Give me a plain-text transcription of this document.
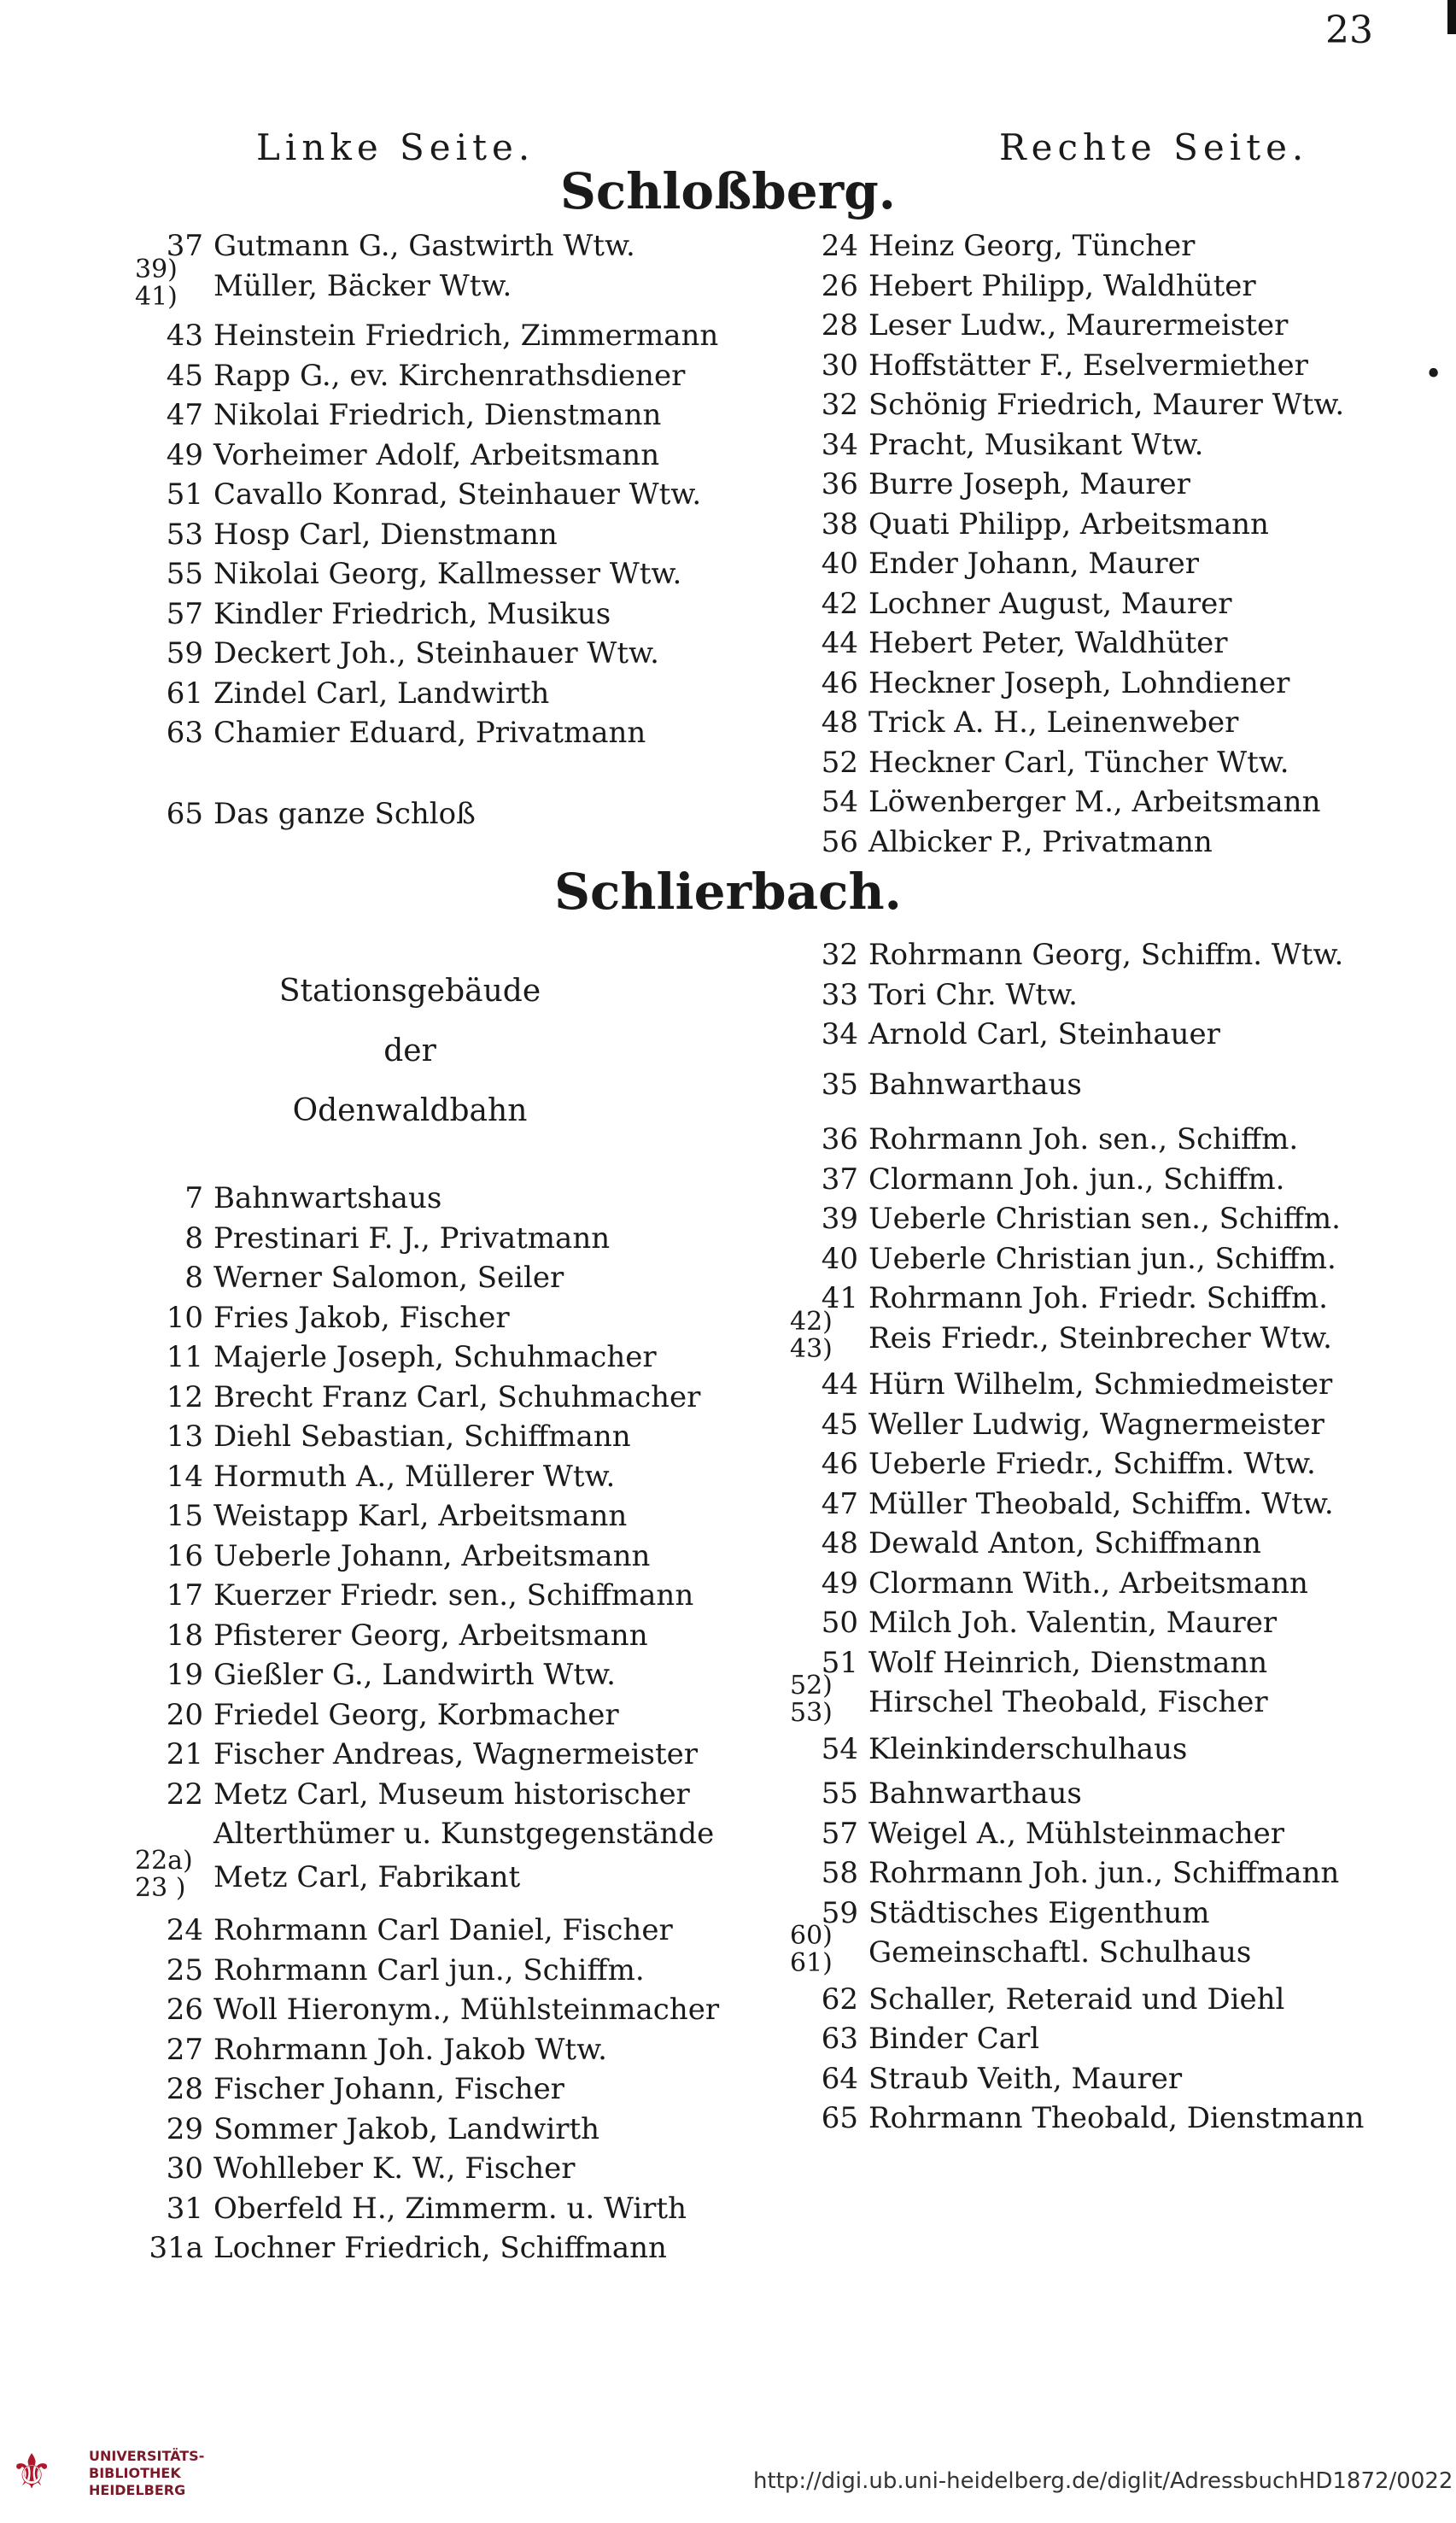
23
Linke Seite.	Rechte Seite.
Schloßberg.
Schlierbach.
37 Gutmann G., Gastwirth Wtw.
39)
41) Müller, Bäcker Wtw.
43 Heinstein Friedrich, Zimmermann
45 Rapp G., ev. Kirchenrathsdiener
47 Nikolai Friedrich, Dienstmann
49 Vorheimer Adolf, Arbeitsmann
51 Cavallo Konrad, Steinhauer Wtw.
53 Hosp Carl, Dienstmann
55 Nikolai Georg, Kallmesser Wtw.
57 Kindler Friedrich, Musikus
59 Deckert Joh., Steinhauer Wtw.
61 Zindel Carl, Landwirth
63 Chamier Eduard, Privatmann
65 Das ganze Schloß
24 Heinz Georg, Tüncher
26 Hebert Philipp, Waldhüter
28 Leser Ludw., Maurermeister
30 Hoffstätter F., Eselvermiether
32 Schönig Friedrich, Maurer Wtw.
34 Pracht, Musikant Wtw.
36 Burre Joseph, Maurer
38 Quati Philipp, Arbeitsmann
40 Ender Johann, Maurer
42 Lochner August, Maurer
44 Hebert Peter, Waldhüter
46 Heckner Joseph, Lohndiener
48 Trick A. H., Leinenweber
52 Heckner Carl, Tüncher Wtw.
54 Löwenberger M., Arbeitsmann
56 Albicker P., Privatmann
Stationsgebäude
der
Odenwaldbahn
7 Bahnwartshaus
8 Prestinari F. J., Privatmann
8 Werner Salomon, Seiler
10 Fries Jakob, Fischer
11 Majerle Joseph, Schuhmacher
12 Brecht Franz Carl, Schuhmacher
13 Diehl Sebastian, Schiffmann
14 Hormuth A., Müllerer Wtw.
15 Weistapp Karl, Arbeitsmann
16 Ueberle Johann, Arbeitsmann
17 Kuerzer Friedr. sen., Schiffmann
18 Pfisterer Georg, Arbeitsmann
19 Gießler G., Landwirth Wtw.
20 Friedel Georg, Korbmacher
21 Fischer Andreas, Wagnermeister
22 Metz Carl, Museum historischer
Alterthümer u. Kunstgegenstände
22a)
23 ) Metz Carl, Fabrikant
24 Rohrmann Carl Daniel, Fischer
25 Rohrmann Carl jun., Schiffm.
26 Woll Hieronym., Mühlsteinmacher
27 Rohrmann Joh. Jakob Wtw.
28 Fischer Johann, Fischer
29 Sommer Jakob, Landwirth
30 Wohlleber K. W., Fischer
31 Oberfeld H., Zimmerm. u. Wirth
31a Lochner Friedrich, Schiffmann
32 Rohrmann Georg, Schiffm. Wtw.
33 Tori Chr. Wtw.
34 Arnold Carl, Steinhauer
35 Bahnwarthaus
36 Rohrmann Joh. sen., Schiffm.
37 Clormann Joh. jun., Schiffm.
39 Ueberle Christian sen., Schiffm.
40 Ueberle Christian jun., Schiffm.
41 Rohrmann Joh. Friedr. Schiffm.
42)
43) Reis Friedr., Steinbrecher Wtw.
44 Hürn Wilhelm, Schmiedmeister
45 Weller Ludwig, Wagnermeister
46 Ueberle Friedr., Schiffm. Wtw.
47 Müller Theobald, Schiffm. Wtw.
48 Dewald Anton, Schiffmann
49 Clormann With., Arbeitsmann
50 Milch Joh. Valentin, Maurer
51 Wolf Heinrich, Dienstmann
52)
53) Hirschel Theobald, Fischer
54 Kleinkinderschulhaus
55 Bahnwarthaus
57 Weigel A., Mühlsteinmacher
58 Rohrmann Joh. jun., Schiffmann
59 Städtisches Eigenthum
60)
61) Gemeinschaftl. Schulhaus
62 Schaller, Reteraid und Diehl
63 Binder Carl
64 Straub Veith, Maurer
65 Rohrmann Theobald, Dienstmann
•
⚜	UNIVERSITÄTS-
BIBLIOTHEK
HEIDELBERG	http://digi.ub.uni-heidelberg.de/diglit/AdressbuchHD1872/0022
